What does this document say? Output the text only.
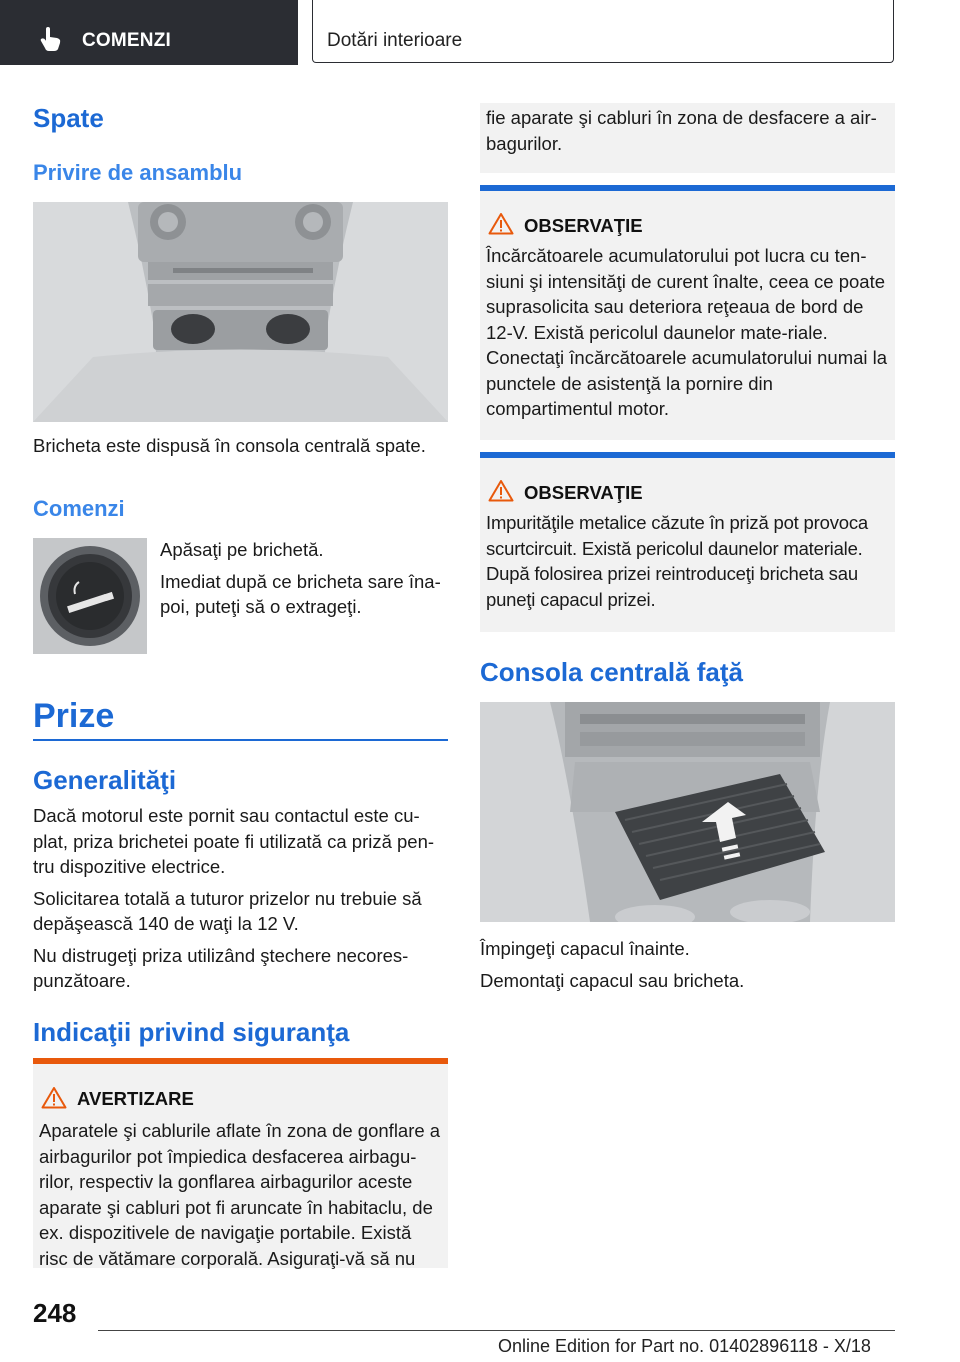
COMENZI	Dotări interioare
Spate
Privire de ansamblu
Bricheta este dispusă în consola centrală spate.
Comenzi

Apăsaţi pe brichetă.

Imediat după ce bricheta sare îna-poi, puteţi să o extrageţi.

Prize
Generalităţi

Dacă motorul este pornit sau contactul este cu-plat, priza brichetei poate fi utilizată ca priză pen-tru dispozitive electrice.

Solicitarea totală a tuturor prizelor nu trebuie să depăşească 140 de waţi la 12 V.

Nu distrugeţi priza utilizând ştechere necores-punzătoare.

Indicaţii privind siguranţa
AVERTIZARE
Aparatele şi cablurile aflate în zona de gonflare a airbagurilor pot împiedica desfacerea airbagu-rilor, respectiv la gonflarea airbagurilor aceste aparate şi cabluri pot fi aruncate în habitaclu, de ex. dispozitivele de navigaţie portabile. Există risc de vătămare corporală. Asiguraţi-vă să nu
fie aparate şi cabluri în zona de desfacere a air-bagurilor.
OBSERVAŢIE
Încărcătoarele acumulatorului pot lucra cu ten-siuni şi intensităţi de curent înalte, ceea ce poate suprasolicita sau deteriora reţeaua de bord de 12-V. Există pericolul daunelor mate-riale. Conectaţi încărcătoarele acumulatorului numai la punctele de asistenţă la pornire din compartimentul motor.
OBSERVAŢIE
Impurităţile metalice căzute în priză pot provoca scurtcircuit. Există pericolul daunelor materiale. După folosirea prizei reintroduceţi bricheta sau puneţi capacul prizei.
Consola centrală faţă

Împingeţi capacul înainte.

Demontaţi capacul sau bricheta.

248
Online Edition for Part no. 01402896118 - X/18
